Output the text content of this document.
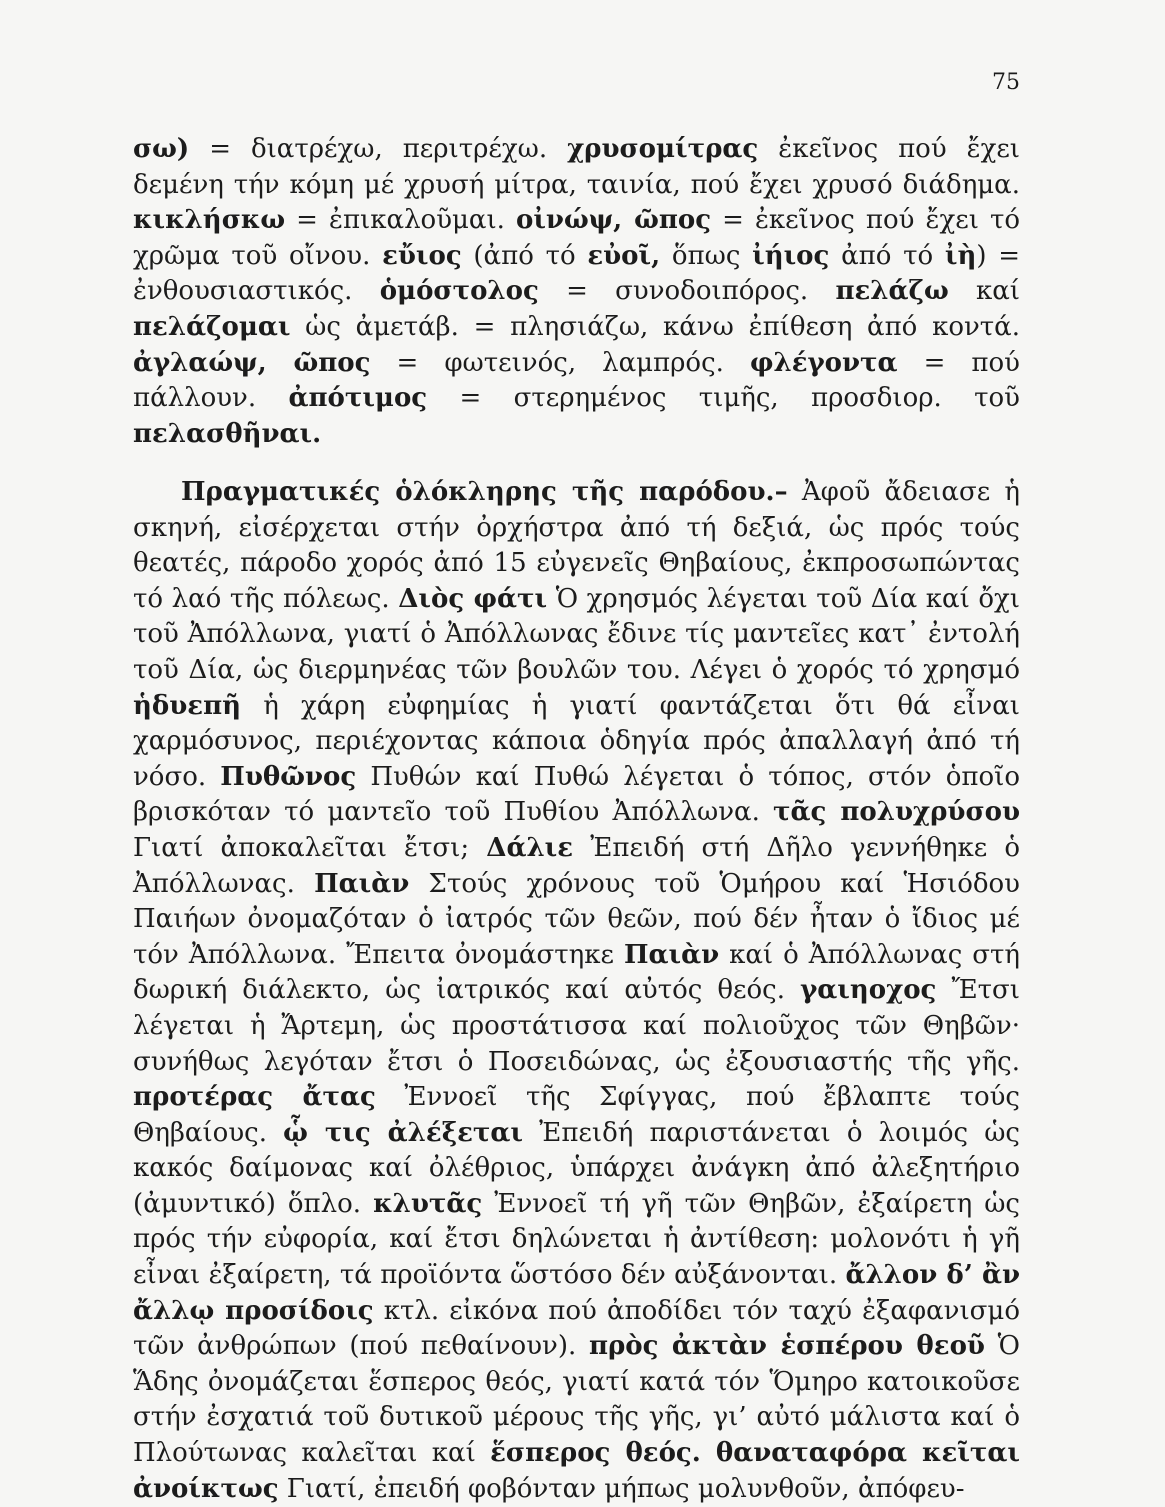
75

σω) = διατρέχω, περιτρέχω. χρυσομίτρας ἐκεῖνος πού ἔχει δεμένη τήν κόμη μέ χρυσή μίτρα, ταινία, πού ἔχει χρυσό διάδημα. κικλήσκω = ἐπικαλοῦμαι. οἰνώψ, ῶπος = ἐκεῖνος πού ἔχει τό χρῶμα τοῦ οἴνου. εὔιος (ἀπό τό εὐοῖ, ὅπως ἰήιος ἀπό τό ἰὴ) = ἐνθουσιαστικός. ὁμόστολος = συνοδοιπόρος. πελάζω καί πελάζομαι ὡς ἀμετάβ. = πλησιάζω, κάνω ἐπίθεση ἀπό κοντά. ἀγλαώψ, ῶπος = φωτεινός, λαμπρός. φλέγοντα = πού πάλλουν. ἀπότιμος = στερημένος τιμῆς, προσδιορ. τοῦ πελασθῆναι.

Πραγματικές ὁλόκληρης τῆς παρόδου.– Ἀφοῦ ἄδειασε ἡ σκηνή, εἰσέρχεται στήν ὀρχήστρα ἀπό τή δεξιά, ὡς πρός τούς θεατές, πάροδο χορός ἀπό 15 εὐγενεῖς Θηβαίους, ἐκπροσωπώντας τό λαό τῆς πόλεως. Διὸς φάτι Ὁ χρησμός λέγεται τοῦ Δία καί ὄχι τοῦ Ἀπόλλωνα, γιατί ὁ Ἀπόλλωνας ἔδινε τίς μαντεῖες κατ᾽ ἐντολή τοῦ Δία, ὡς διερμηνέας τῶν βουλῶν του. Λέγει ὁ χορός τό χρησμό ἡδυεπῆ ἡ χάρη εὐφημίας ἡ γιατί φαντάζεται ὅτι θά εἶναι χαρμόσυνος, περιέχοντας κάποια ὁδηγία πρός ἀπαλλαγή ἀπό τή νόσο. Πυθῶνος Πυθών καί Πυθώ λέγεται ὁ τόπος, στόν ὁποῖο βρισκόταν τό μαντεῖο τοῦ Πυθίου Ἀπόλλωνα. τᾶς πολυχρύσου Γιατί ἀποκαλεῖται ἔτσι; Δάλιε Ἐπειδή στή Δῆλο γεννήθηκε ὁ Ἀπόλλωνας. Παιὰν Στούς χρόνους τοῦ Ὁμήρου καί Ἡσιόδου Παιήων ὀνομαζόταν ὁ ἰατρός τῶν θεῶν, πού δέν ἦταν ὁ ἴδιος μέ τόν Ἀπόλλωνα. Ἔπειτα ὀνομάστηκε Παιὰν καί ὁ Ἀπόλλωνας στή δωρική διάλεκτο, ὡς ἰατρικός καί αὐτός θεός. γαιηοχος Ἔτσι λέγεται ἡ Ἄρτεμη, ὡς προστάτισσα καί πολιοῦχος τῶν Θηβῶν· συνήθως λεγόταν ἔτσι ὁ Ποσειδώνας, ὡς ἐξουσιαστής τῆς γῆς. προτέρας ἄτας Ἐννοεῖ τῆς Σφίγγας, πού ἔβλαπτε τούς Θηβαίους. ᾧ τις ἀλέξεται Ἐπειδή παριστάνεται ὁ λοιμός ὡς κακός δαίμονας καί ὀλέθριος, ὑπάρχει ἀνάγκη ἀπό ἀλεξητήριο (ἀμυντικό) ὅπλο. κλυτᾶς Ἐννοεῖ τή γῆ τῶν Θηβῶν, ἐξαίρετη ὡς πρός τήν εὐφορία, καί ἔτσι δηλώνεται ἡ ἀντίθεση: μολονότι ἡ γῆ εἶναι ἐξαίρετη, τά προϊόντα ὥστόσο δέν αὐξάνονται. ἄλλον δ’ ἂν ἄλλῳ προσίδοις κτλ. εἰκόνα πού ἀποδίδει τόν ταχύ ἐξαφανισμό τῶν ἀνθρώπων (πού πεθαίνουν). πρὸς ἀκτὰν ἑσπέρου θεοῦ Ὁ Ἅδης ὀνομάζεται ἕσπερος θεός, γιατί κατά τόν Ὅμηρο κατοικοῦσε στήν ἐσχατιά τοῦ δυτικοῦ μέρους τῆς γῆς, γι’ αὐτό μάλιστα καί ὁ Πλούτωνας καλεῖται καί ἕσπερος θεός. θαναταφόρα κεῖται ἀνοίκτως Γιατί, ἐπειδή φοβόνταν μήπως μολυνθοῦν, ἀπόφευ-
